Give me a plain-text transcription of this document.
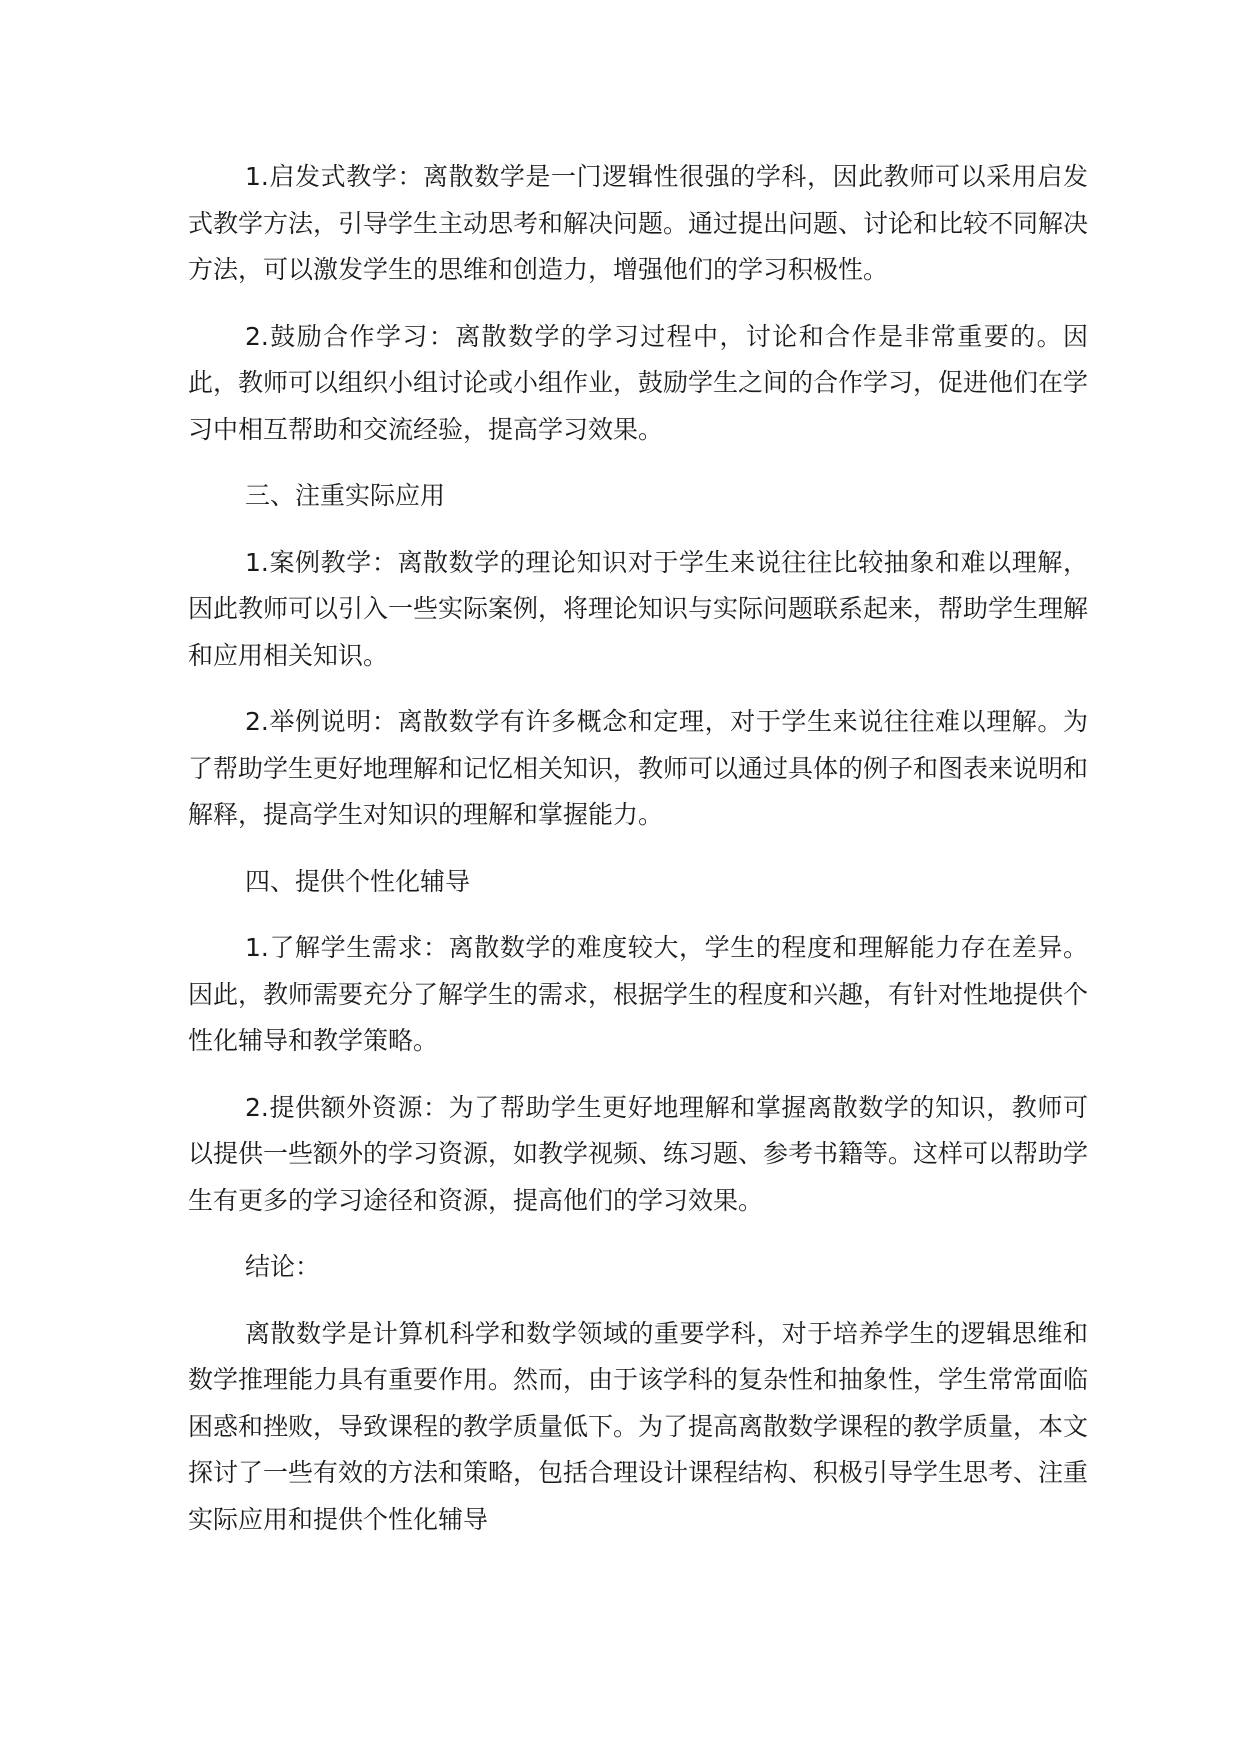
1.启发式教学：离散数学是一门逻辑性很强的学科，因此教师可以采用启发式教学方法，引导学生主动思考和解决问题。通过提出问题、讨论和比较不同解决方法，可以激发学生的思维和创造力，增强他们的学习积极性。

2.鼓励合作学习：离散数学的学习过程中，讨论和合作是非常重要的。因此，教师可以组织小组讨论或小组作业，鼓励学生之间的合作学习，促进他们在学习中相互帮助和交流经验，提高学习效果。

三、注重实际应用

1.案例教学：离散数学的理论知识对于学生来说往往比较抽象和难以理解，因此教师可以引入一些实际案例，将理论知识与实际问题联系起来，帮助学生理解和应用相关知识。

2.举例说明：离散数学有许多概念和定理，对于学生来说往往难以理解。为了帮助学生更好地理解和记忆相关知识，教师可以通过具体的例子和图表来说明和解释，提高学生对知识的理解和掌握能力。

四、提供个性化辅导

1.了解学生需求：离散数学的难度较大，学生的程度和理解能力存在差异。因此，教师需要充分了解学生的需求，根据学生的程度和兴趣，有针对性地提供个性化辅导和教学策略。

2.提供额外资源：为了帮助学生更好地理解和掌握离散数学的知识，教师可以提供一些额外的学习资源，如教学视频、练习题、参考书籍等。这样可以帮助学生有更多的学习途径和资源，提高他们的学习效果。

结论：

离散数学是计算机科学和数学领域的重要学科，对于培养学生的逻辑思维和数学推理能力具有重要作用。然而，由于该学科的复杂性和抽象性，学生常常面临困惑和挫败，导致课程的教学质量低下。为了提高离散数学课程的教学质量，本文探讨了一些有效的方法和策略，包括合理设计课程结构、积极引导学生思考、注重实际应用和提供个性化辅导
